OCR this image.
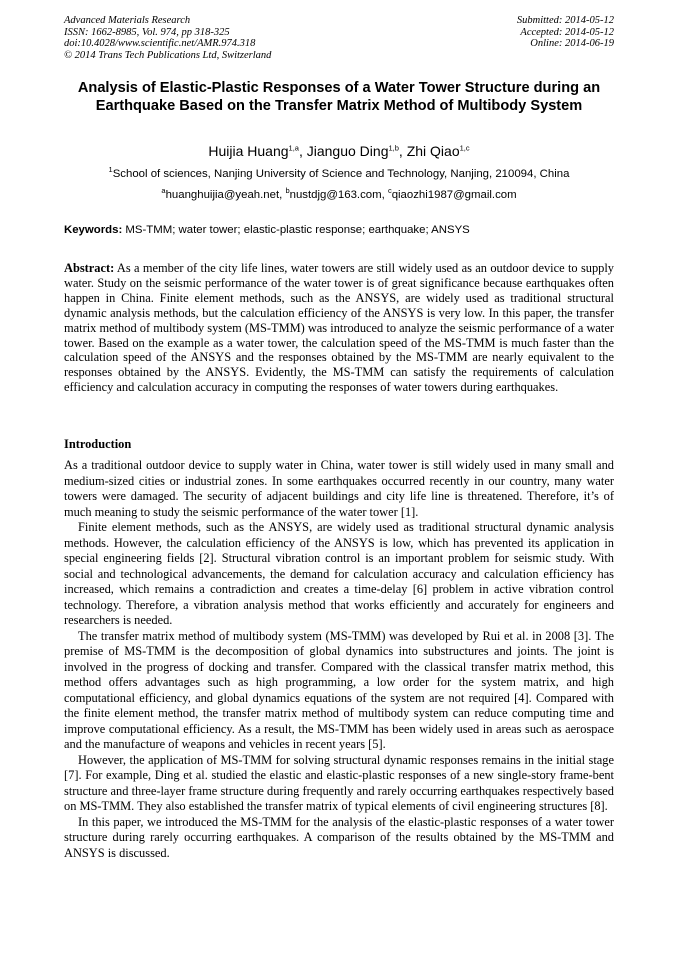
Advanced Materials Research
ISSN: 1662-8985, Vol. 974, pp 318-325
doi:10.4028/www.scientific.net/AMR.974.318
© 2014 Trans Tech Publications Ltd, Switzerland
Submitted: 2014-05-12
Accepted: 2014-05-12
Online: 2014-06-19
Analysis of Elastic-Plastic Responses of a Water Tower Structure during an Earthquake Based on the Transfer Matrix Method of Multibody System
Huijia Huang$^{1,a}$, Jianguo Ding$^{1,b}$, Zhi Qiao$^{1,c}$
$^1$School of sciences, Nanjing University of Science and Technology, Nanjing, 210094, China
$^a$huanghuijia@yeah.net, $^b$nustdjg@163.com, $^c$qiaozhi1987@gmail.com
Keywords: MS-TMM; water tower; elastic-plastic response; earthquake; ANSYS
Abstract: As a member of the city life lines, water towers are still widely used as an outdoor device to supply water. Study on the seismic performance of the water tower is of great significance because earthquakes often happen in China. Finite element methods, such as the ANSYS, are widely used as traditional structural dynamic analysis methods, but the calculation efficiency of the ANSYS is very low. In this paper, the transfer matrix method of multibody system (MS-TMM) was introduced to analyze the seismic performance of a water tower. Based on the example as a water tower, the calculation speed of the MS-TMM is much faster than the calculation speed of the ANSYS and the responses obtained by the MS-TMM are nearly equivalent to the responses obtained by the ANSYS. Evidently, the MS-TMM can satisfy the requirements of calculation efficiency and calculation accuracy in computing the responses of water towers during earthquakes.
Introduction

As a traditional outdoor device to supply water in China, water tower is still widely used in many small and medium-sized cities or industrial zones. In some earthquakes occurred recently in our country, many water towers were damaged. The security of adjacent buildings and city life line is threatened. Therefore, it’s of much meaning to study the seismic performance of the water tower [1].

Finite element methods, such as the ANSYS, are widely used as traditional structural dynamic analysis methods. However, the calculation efficiency of the ANSYS is low, which has prevented its application in special engineering fields [2]. Structural vibration control is an important problem for seismic study. With social and technological advancements, the demand for calculation accuracy and calculation efficiency has increased, which remains a contradiction and creates a time-delay [6] problem in active vibration control technology. Therefore, a vibration analysis method that works efficiently and accurately for engineers and researchers is needed.

The transfer matrix method of multibody system (MS-TMM) was developed by Rui et al. in 2008 [3]. The premise of MS-TMM is the decomposition of global dynamics into substructures and joints. The joint is involved in the progress of docking and transfer. Compared with the classical transfer matrix method, this method offers advantages such as high programming, a low order for the system matrix, and high computational efficiency, and global dynamics equations of the system are not required [4]. Compared with the finite element method, the transfer matrix method of multibody system can reduce computing time and improve computational efficiency. As a result, the MS-TMM has been widely used in areas such as aerospace and the manufacture of weapons and vehicles in recent years [5].

However, the application of MS-TMM for solving structural dynamic responses remains in the initial stage [7]. For example, Ding et al. studied the elastic and elastic-plastic responses of a new single-story frame-bent structure and three-layer frame structure during frequently and rarely occurring earthquakes respectively based on MS-TMM. They also established the transfer matrix of typical elements of civil engineering structures [8].

In this paper, we introduced the MS-TMM for the analysis of the elastic-plastic responses of a water tower structure during rarely occurring earthquakes. A comparison of the results obtained by the MS-TMM and ANSYS is discussed.
